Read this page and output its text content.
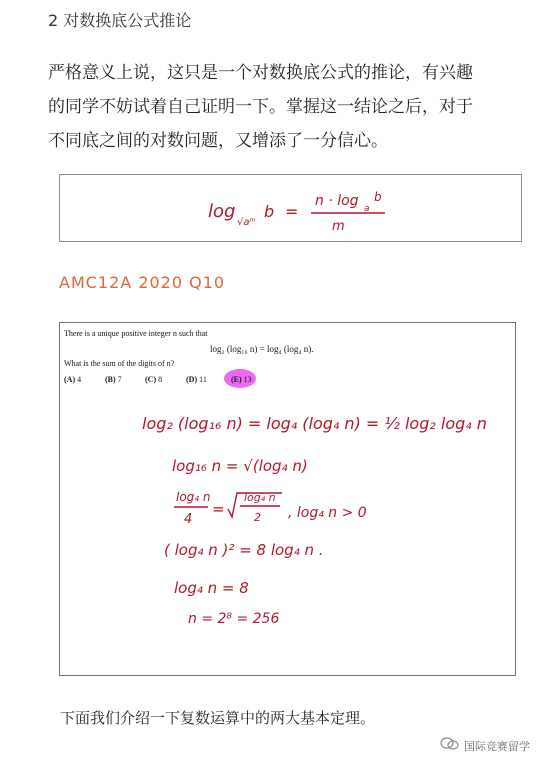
2 对数换底公式推论
严格意义上说，这只是一个对数换底公式的推论，有兴趣
的同学不妨试着自己证明一下。掌握这一结论之后，对于
不同底之间的对数问题，又增添了一分信心。
log
√aᵐ
b =
n · log a
b
m
AMC12A 2020 Q10
There is a unique positive integer n such that
log₂ (log₁₆ n) = log₄ (log₄ n).
What is the sum of the digits of n?
(A) 4	(B) 7	(C) 8	(D) 11	(E) 13
log₂ (log₁₆ n) = log₄ (log₄ n) = ½ log₂ log₄ n
log₁₆ n = √(log₄ n)
log₄ n
4
=
log₄ n
2 , log₄ n > 0
( log₄ n )² = 8 log₄ n .
log₄ n = 8
n = 2⁸ = 256
下面我们介绍一下复数运算中的两大基本定理。
国际竞赛留学
